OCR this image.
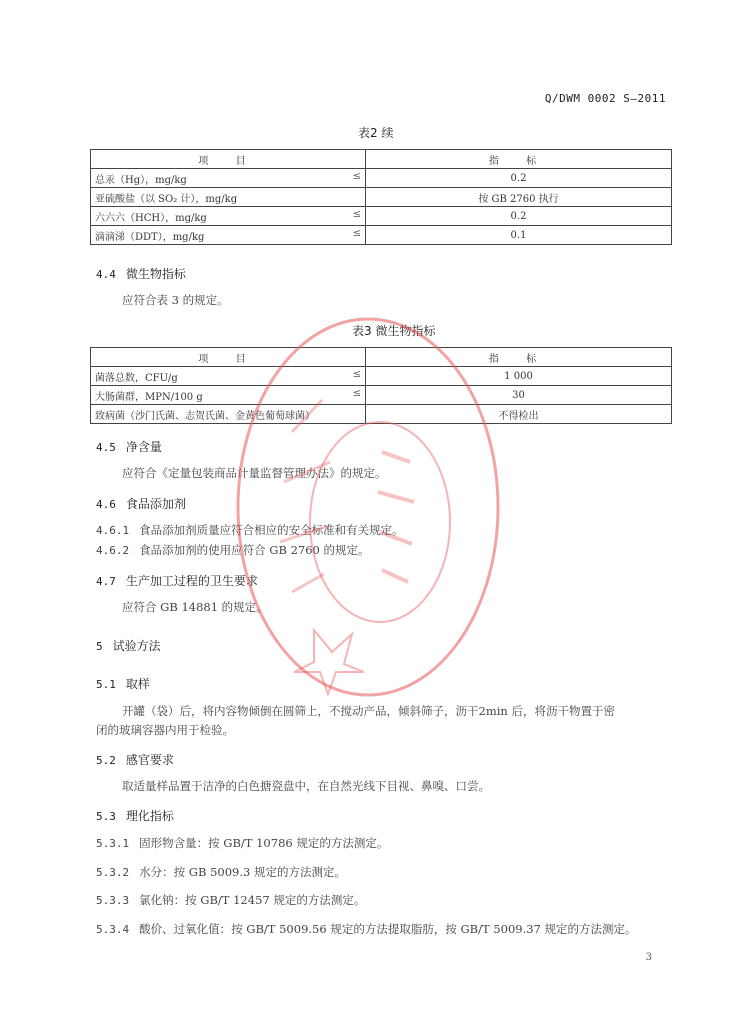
Q/DWM 0002 S—2011
表2 续
项 目	指 标
总汞（Hg），mg/kg ≤	0.2
亚硫酸盐（以 SO₂ 计），mg/kg	按 GB 2760 执行
六六六（HCH），mg/kg ≤	0.2
滴滴涕（DDT），mg/kg ≤	0.1
4.4 微生物指标
应符合表 3 的规定。
表3 微生物指标
项 目	指 标
菌落总数，CFU/g ≤	1 000
大肠菌群，MPN/100 g ≤	30
致病菌（沙门氏菌、志贺氏菌、金黄色葡萄球菌）	不得检出
4.5 净含量
应符合《定量包装商品计量监督管理办法》的规定。
4.6 食品添加剂
4.6.1 食品添加剂质量应符合相应的安全标准和有关规定。
4.6.2 食品添加剂的使用应符合 GB 2760 的规定。
4.7 生产加工过程的卫生要求
应符合 GB 14881 的规定。
5 试验方法
5.1 取样
开罐（袋）后，将内容物倾倒在圆筛上，不搅动产品，倾斜筛子，沥干2min 后，将沥干物置于密
闭的玻璃容器内用于检验。
5.2 感官要求
取适量样品置于洁净的白色搪瓷盘中，在自然光线下目视、鼻嗅、口尝。
5.3 理化指标
5.3.1 固形物含量：按 GB/T 10786 规定的方法测定。
5.3.2 水分：按 GB 5009.3 规定的方法测定。
5.3.3 氯化钠：按 GB/T 12457 规定的方法测定。
5.3.4 酸价、过氧化值：按 GB/T 5009.56 规定的方法提取脂肪，按 GB/T 5009.37 规定的方法测定。
3
